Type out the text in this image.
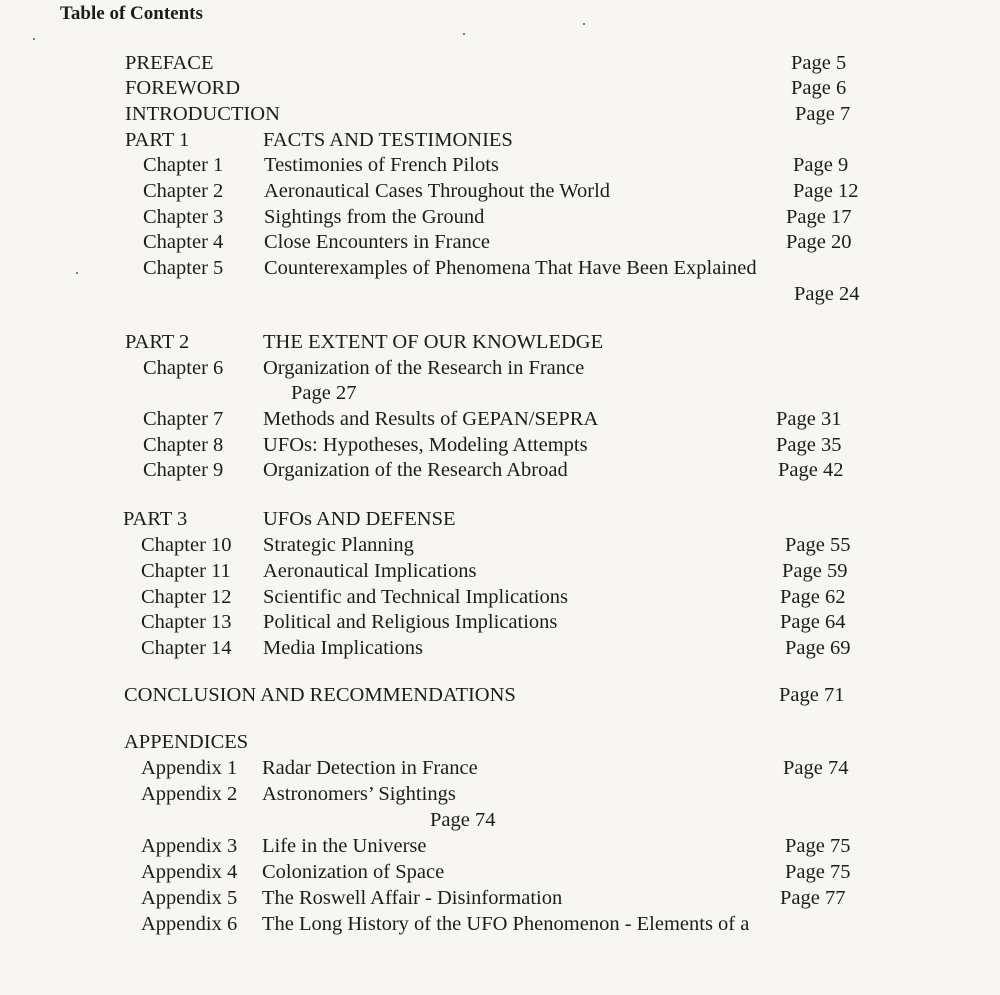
Table of Contents
PREFACE	Page 5
FOREWORD	Page 6
INTRODUCTION	Page 7
PART 1	FACTS AND TESTIMONIES
Chapter 1 Testimonies of French Pilots	Page 9
Chapter 2 Aeronautical Cases Throughout the World	Page 12
Chapter 3 Sightings from the Ground	Page 17
Chapter 4 Close Encounters in France	Page 20
Chapter 5 Counterexamples of Phenomena That Have Been Explained
Page 24
PART 2	THE EXTENT OF OUR KNOWLEDGE
Chapter 6 Organization of the Research in France
Page 27
Chapter 7 Methods and Results of GEPAN/SEPRA	Page 31
Chapter 8 UFOs: Hypotheses, Modeling Attempts	Page 35
Chapter 9 Organization of the Research Abroad	Page 42
PART 3	UFOs AND DEFENSE
Chapter 10 Strategic Planning	Page 55
Chapter 11 Aeronautical Implications	Page 59
Chapter 12 Scientific and Technical Implications	Page 62
Chapter 13 Political and Religious Implications	Page 64
Chapter 14 Media Implications	Page 69
CONCLUSION AND RECOMMENDATIONS	Page 71
APPENDICES
Appendix 1 Radar Detection in France	Page 74
Appendix 2 Astronomers’ Sightings
Page 74
Appendix 3 Life in the Universe	Page 75
Appendix 4 Colonization of Space	Page 75
Appendix 5 The Roswell Affair - Disinformation	Page 77
Appendix 6 The Long History of the UFO Phenomenon - Elements of a
